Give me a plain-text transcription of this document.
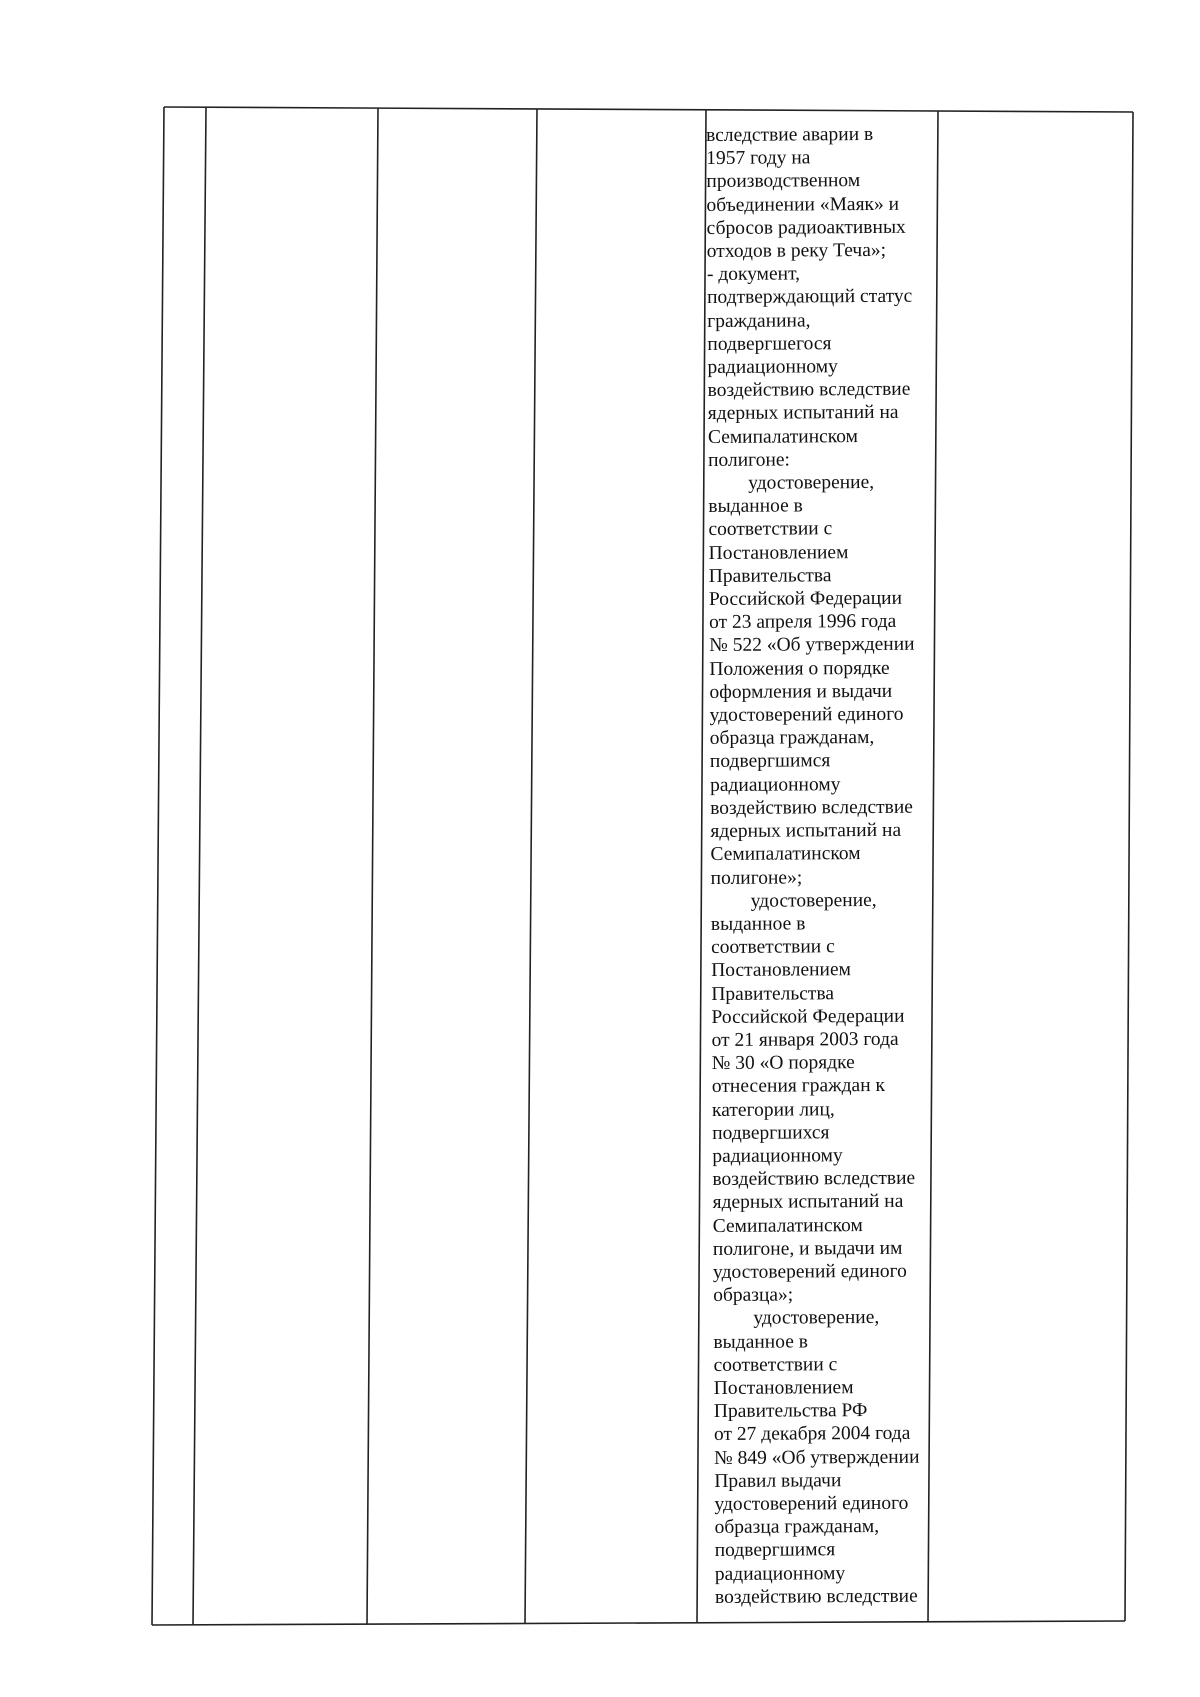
вследствие аварии в
1957 году на
производственном
объединении «Маяк» и
сбросов радиоактивных
отходов в реку Теча»;
- документ,
подтверждающий статус
гражданина,
подвергшегося
радиационному
воздействию вследствие
ядерных испытаний на
Семипалатинском
полигоне:
удостоверение,
выданное в
соответствии с
Постановлением
Правительства
Российской Федерации
от 23 апреля 1996 года
№ 522 «Об утверждении
Положения о порядке
оформления и выдачи
удостоверений единого
образца гражданам,
подвергшимся
радиационному
воздействию вследствие
ядерных испытаний на
Семипалатинском
полигоне»;
удостоверение,
выданное в
соответствии с
Постановлением
Правительства
Российской Федерации
от 21 января 2003 года
№ 30 «О порядке
отнесения граждан к
категории лиц,
подвергшихся
радиационному
воздействию вследствие
ядерных испытаний на
Семипалатинском
полигоне, и выдачи им
удостоверений единого
образца»;
удостоверение,
выданное в
соответствии с
Постановлением
Правительства РФ
от 27 декабря 2004 года
№ 849 «Об утверждении
Правил выдачи
удостоверений единого
образца гражданам,
подвергшимся
радиационному
воздействию вследствие
